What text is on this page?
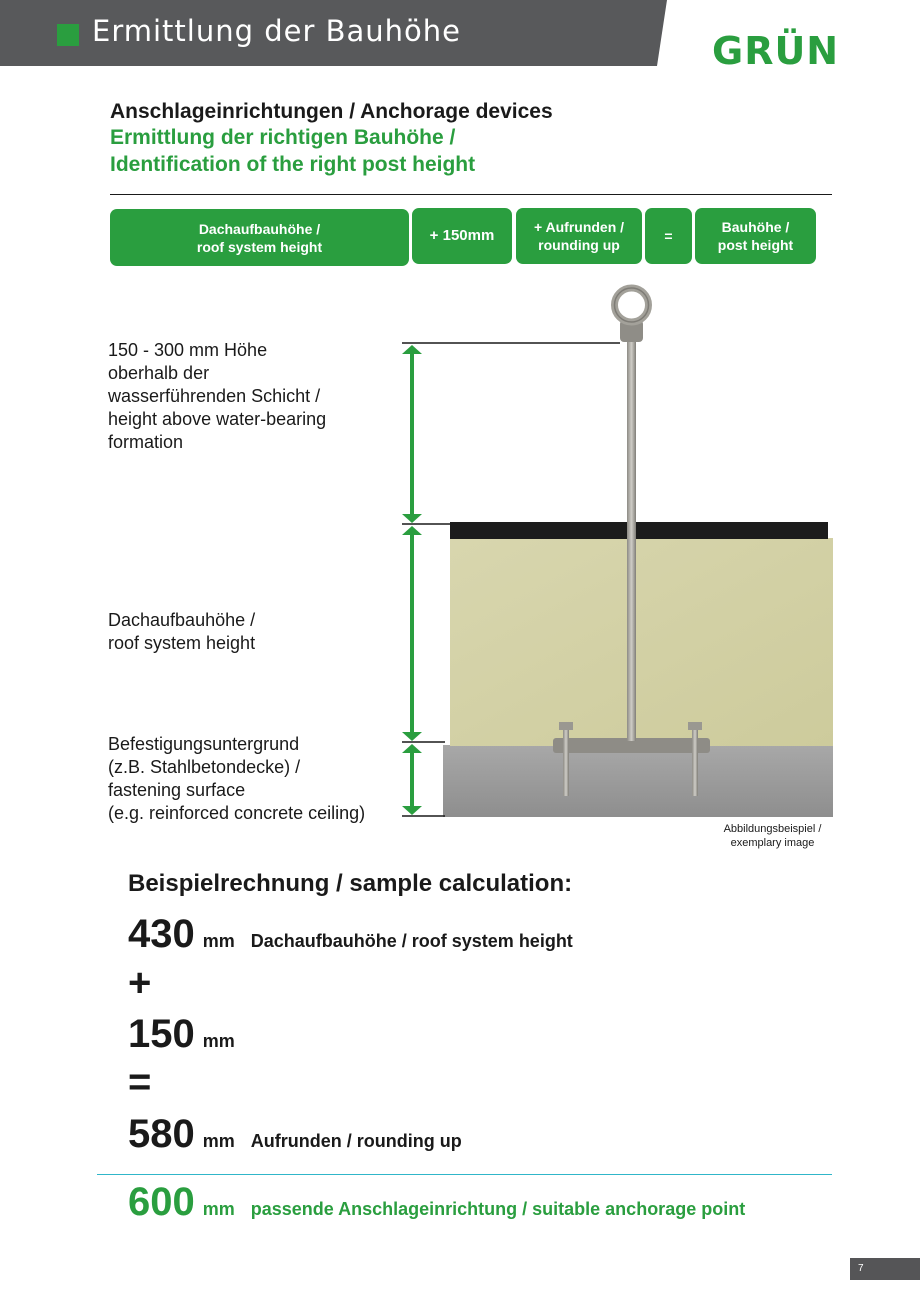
Ermittlung der Bauhöhe	GRÜN
Anschlageinrichtungen / Anchorage devices
Ermittlung der richtigen Bauhöhe /
Identification of the right post height
Dachaufbauhöhe /
roof system height
+ 150mm	+ Aufrunden /
rounding up
=
Bauhöhe /
post height
150 - 300 mm Höhe
oberhalb der
wasserführenden Schicht /
height above water-bearing
formation
Dachaufbauhöhe /
roof system height
Befestigungsuntergrund
(z.B. Stahlbetondecke) /
fastening surface
(e.g. reinforced concrete ceiling)
Abbildungsbeispiel /
exemplary image
Beispielrechnung / sample calculation:
430 mm Dachaufbauhöhe / roof system height
+
150 mm
=
580 mm Aufrunden / rounding up
600 mm passende Anschlageinrichtung / suitable anchorage point
7
